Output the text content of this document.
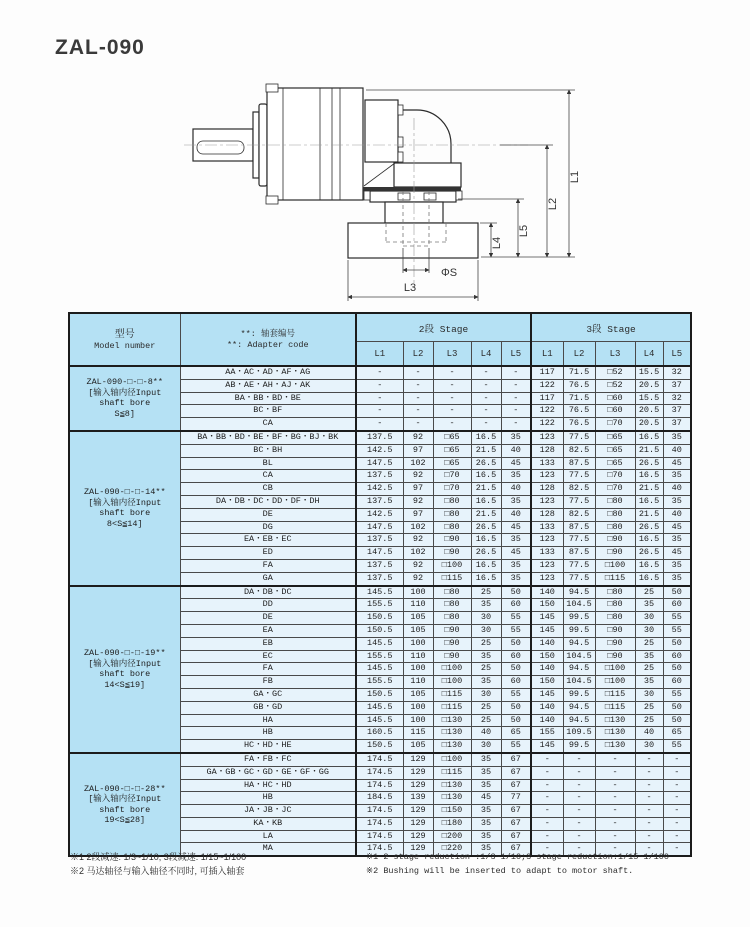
ZAL-090
L1
L2
L5
L4
L3
ΦS
型号
Model number

**: 轴套编号
**: Adapter code
	2段 Stage	3段 Stage
		L1	L2	L3	L4	L5	L1	L2	L3	L4	L5

ZAL-090-□-□-8**
[输入轴内径Input
shaft bore
S≦8]	AA・AC・AD・AF・AG	-	-	-	-	-	117	71.5	□52	15.5	32
	AB・AE・AH・AJ・AK	-	-	-	-	-	122	76.5	□52	20.5	37
	BA・BB・BD・BE	-	-	-	-	-	117	71.5	□60	15.5	32
	BC・BF	-	-	-	-	-	122	76.5	□60	20.5	37
	CA	-	-	-	-	-	122	76.5	□70	20.5	37

ZAL-090-□-□-14**
[输入轴内径Input
shaft bore
8<S≦14]	BA・BB・BD・BE・BF・BG・BJ・BK	137.5	92	□65	16.5	35	123	77.5	□65	16.5	35
	BC・BH	142.5	97	□65	21.5	40	128	82.5	□65	21.5	40
	BL	147.5	102	□65	26.5	45	133	87.5	□65	26.5	45
	CA	137.5	92	□70	16.5	35	123	77.5	□70	16.5	35
	CB	142.5	97	□70	21.5	40	128	82.5	□70	21.5	40
	DA・DB・DC・DD・DF・DH	137.5	92	□80	16.5	35	123	77.5	□80	16.5	35
	DE	142.5	97	□80	21.5	40	128	82.5	□80	21.5	40
	DG	147.5	102	□80	26.5	45	133	87.5	□80	26.5	45
	EA・EB・EC	137.5	92	□90	16.5	35	123	77.5	□90	16.5	35
	ED	147.5	102	□90	26.5	45	133	87.5	□90	26.5	45
	FA	137.5	92	□100	16.5	35	123	77.5	□100	16.5	35
	GA	137.5	92	□115	16.5	35	123	77.5	□115	16.5	35

ZAL-090-□-□-19**
[输入轴内径Input
shaft bore
14<S≦19]	DA・DB・DC	145.5	100	□80	25	50	140	94.5	□80	25	50
	DD	155.5	110	□80	35	60	150	104.5	□80	35	60
	DE	150.5	105	□80	30	55	145	99.5	□80	30	55
	EA	150.5	105	□90	30	55	145	99.5	□90	30	55
	EB	145.5	100	□90	25	50	140	94.5	□90	25	50
	EC	155.5	110	□90	35	60	150	104.5	□90	35	60
	FA	145.5	100	□100	25	50	140	94.5	□100	25	50
	FB	155.5	110	□100	35	60	150	104.5	□100	35	60
	GA・GC	150.5	105	□115	30	55	145	99.5	□115	30	55
	GB・GD	145.5	100	□115	25	50	140	94.5	□115	25	50
	HA	145.5	100	□130	25	50	140	94.5	□130	25	50
	HB	160.5	115	□130	40	65	155	109.5	□130	40	65
	HC・HD・HE	150.5	105	□130	30	55	145	99.5	□130	30	55

ZAL-090-□-□-28**
[输入轴内径Input
shaft bore
19<S≦28]	FA・FB・FC	174.5	129	□100	35	67	-	-	-	-	-
	GA・GB・GC・GD・GE・GF・GG	174.5	129	□115	35	67	-	-	-	-	-
	HA・HC・HD	174.5	129	□130	35	67	-	-	-	-	-
	HB	184.5	139	□130	45	77	-	-	-	-	-
	JA・JB・JC	174.5	129	□150	35	67	-	-	-	-	-
	KA・KB	174.5	129	□180	35	67	-	-	-	-	-
	LA	174.5	129	□200	35	67	-	-	-	-	-
	MA	174.5	129	□220	35	67	-	-	-	-	-
※1 2段减速: 1/3~1/10; 3段减速: 1/15~1/100
※2 马达轴径与输入轴径不同时, 可插入轴套
※1 2 stage reduction :1/3~1/10;3 stage reduction:1/15~1/100
※2 Bushing will be inserted to adapt to motor shaft.
